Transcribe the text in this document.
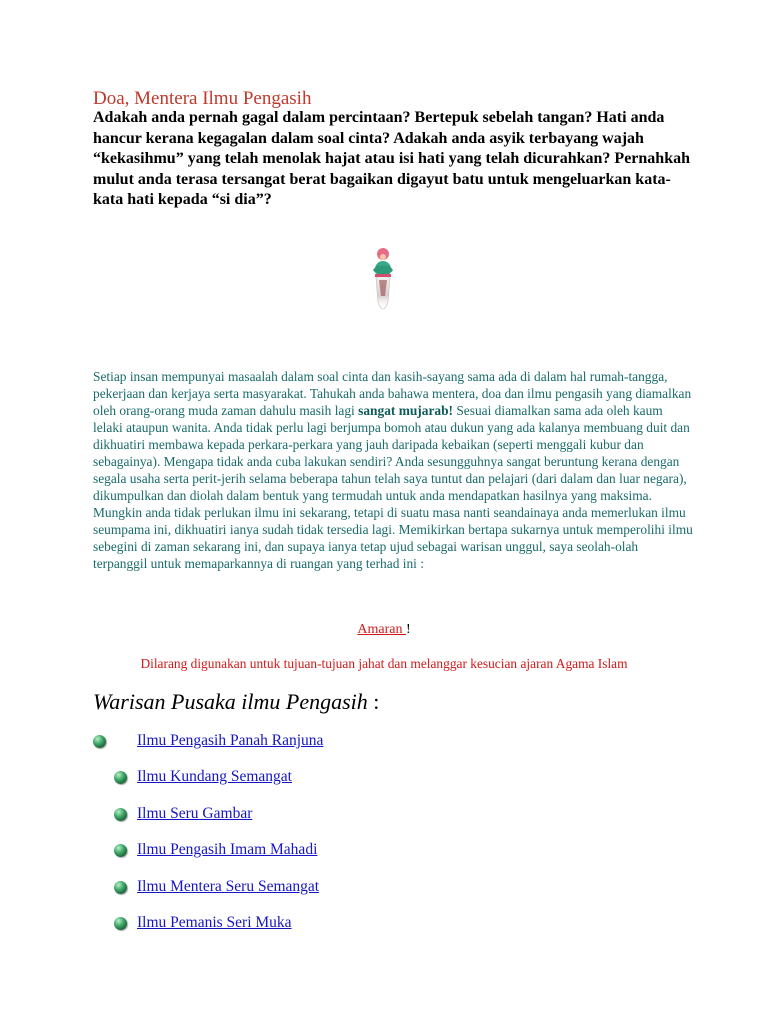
Doa, Mentera Ilmu Pengasih
Adakah anda pernah gagal dalam percintaan? Bertepuk sebelah tangan? Hati anda hancur kerana kegagalan dalam soal cinta? Adakah anda asyik terbayang wajah “kekasihmu” yang telah menolak hajat atau isi hati yang telah dicurahkan? Pernahkah mulut anda terasa tersangat berat bagaikan digayut batu untuk mengeluarkan kata-kata hati kepada “si dia”?
Setiap insan mempunyai masaalah dalam soal cinta dan kasih-sayang sama ada di dalam hal rumah-tangga, pekerjaan dan kerjaya serta masyarakat. Tahukah anda bahawa mentera, doa dan ilmu pengasih yang diamalkan oleh orang-orang muda zaman dahulu masih lagi sangat mujarab! Sesuai diamalkan sama ada oleh kaum lelaki ataupun wanita. Anda tidak perlu lagi berjumpa bomoh atau dukun yang ada kalanya membuang duit dan dikhuatiri membawa kepada perkara-perkara yang jauh daripada kebaikan (seperti menggali kubur dan sebagainya). Mengapa tidak anda cuba lakukan sendiri? Anda sesungguhnya sangat beruntung kerana dengan segala usaha serta perit-jerih selama beberapa tahun telah saya tuntut dan pelajari (dari dalam dan luar negara), dikumpulkan dan diolah dalam bentuk yang termudah untuk anda mendapatkan hasilnya yang maksima. Mungkin anda tidak perlukan ilmu ini sekarang, tetapi di suatu masa nanti seandainaya anda memerlukan ilmu seumpama ini, dikhuatiri ianya sudah tidak tersedia lagi. Memikirkan bertapa sukarnya untuk memperolihi ilmu sebegini di zaman sekarang ini, dan supaya ianya tetap ujud sebagai warisan unggul, saya seolah-olah terpanggil untuk memaparkannya di ruangan yang terhad ini :
Amaran !
Dilarang digunakan untuk tujuan-tujuan jahat dan melanggar kesucian ajaran Agama Islam
Warisan Pusaka ilmu Pengasih :
Ilmu Pengasih Panah Ranjuna
Ilmu Kundang Semangat
Ilmu Seru Gambar
Ilmu Pengasih Imam Mahadi
Ilmu Mentera Seru Semangat
Ilmu Pemanis Seri Muka
